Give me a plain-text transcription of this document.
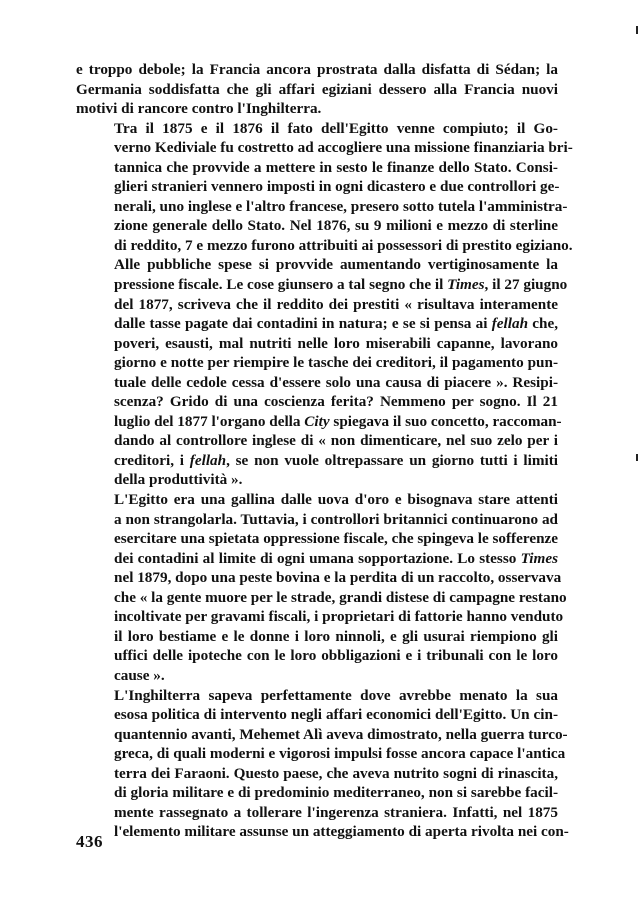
e troppo debole; la Francia ancora prostrata dalla disfatta di Sédan; la
Germania soddisfatta che gli affari egiziani dessero alla Francia nuovi
motivi di rancore contro l'Inghilterra.
Tra il 1875 e il 1876 il fato dell'Egitto venne compiuto; il Go-
verno Kediviale fu costretto ad accogliere una missione finanziaria bri-
tannica che provvide a mettere in sesto le finanze dello Stato. Consi-
glieri stranieri vennero imposti in ogni dicastero e due controllori ge-
nerali, uno inglese e l'altro francese, presero sotto tutela l'amministra-
zione generale dello Stato. Nel 1876, su 9 milioni e mezzo di sterline
di reddito, 7 e mezzo furono attribuiti ai possessori di prestito egiziano.
Alle pubbliche spese si provvide aumentando vertiginosamente la
pressione fiscale. Le cose giunsero a tal segno che il Times, il 27 giugno
del 1877, scriveva che il reddito dei prestiti « risultava interamente
dalle tasse pagate dai contadini in natura; e se si pensa ai fellah che,
poveri, esausti, mal nutriti nelle loro miserabili capanne, lavorano
giorno e notte per riempire le tasche dei creditori, il pagamento pun-
tuale delle cedole cessa d'essere solo una causa di piacere ». Resipi-
scenza? Grido di una coscienza ferita? Nemmeno per sogno. Il 21
luglio del 1877 l'organo della City spiegava il suo concetto, raccoman-
dando al controllore inglese di « non dimenticare, nel suo zelo per i
creditori, i fellah, se non vuole oltrepassare un giorno tutti i limiti
della produttività ».
L'Egitto era una gallina dalle uova d'oro e bisognava stare attenti
a non strangolarla. Tuttavia, i controllori britannici continuarono ad
esercitare una spietata oppressione fiscale, che spingeva le sofferenze
dei contadini al limite di ogni umana sopportazione. Lo stesso Times
nel 1879, dopo una peste bovina e la perdita di un raccolto, osservava
che « la gente muore per le strade, grandi distese di campagne restano
incoltivate per gravami fiscali, i proprietari di fattorie hanno venduto
il loro bestiame e le donne i loro ninnoli, e gli usurai riempiono gli
uffici delle ipoteche con le loro obbligazioni e i tribunali con le loro
cause ».
L'Inghilterra sapeva perfettamente dove avrebbe menato la sua
esosa politica di intervento negli affari economici dell'Egitto. Un cin-
quantennio avanti, Mehemet Alì aveva dimostrato, nella guerra turco-
greca, di quali moderni e vigorosi impulsi fosse ancora capace l'antica
terra dei Faraoni. Questo paese, che aveva nutrito sogni di rinascita,
di gloria militare e di predominio mediterraneo, non si sarebbe facil-
mente rassegnato a tollerare l'ingerenza straniera. Infatti, nel 1875
l'elemento militare assunse un atteggiamento di aperta rivolta nei con-
436
